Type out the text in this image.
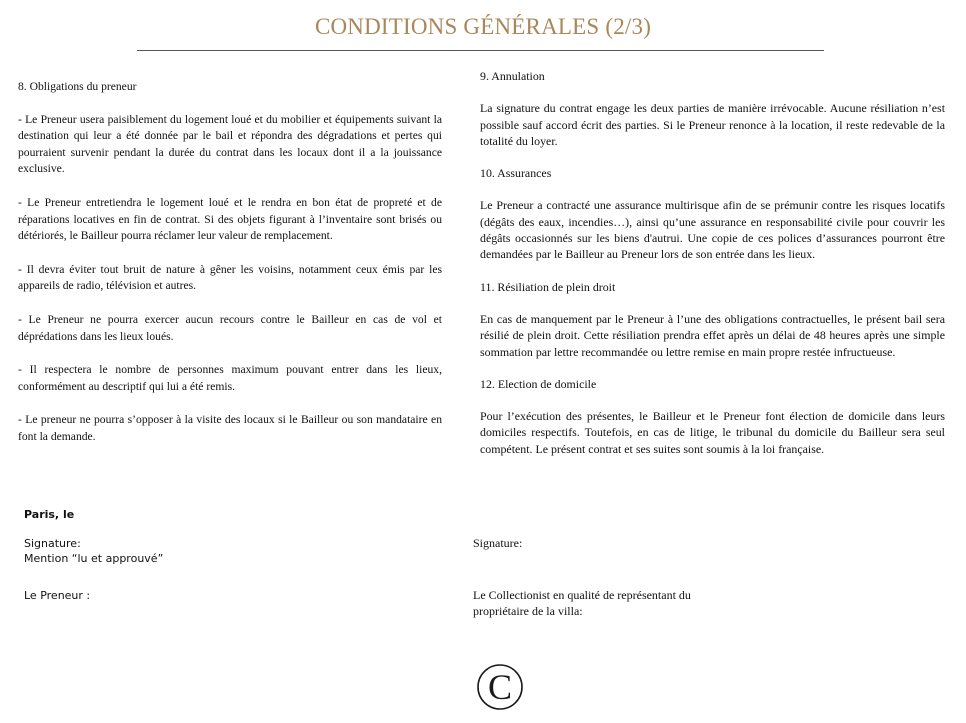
CONDITIONS GÉNÉRALES (2/3)

8. Obligations du preneur

- Le Preneur usera paisiblement du logement loué et du mobilier et équipements suivant la destination qui leur a été donnée par le bail et répondra des dégradations et pertes qui pourraient survenir pendant la durée du contrat dans les locaux dont il a la jouissance exclusive.

- Le Preneur entretiendra le logement loué et le rendra en bon état de propreté et de réparations locatives en fin de contrat. Si des objets figurant à l’inventaire sont brisés ou détériorés, le Bailleur pourra réclamer leur valeur de remplacement.

- Il devra éviter tout bruit de nature à gêner les voisins, notamment ceux émis par les appareils de radio, télévision et autres.

- Le Preneur ne pourra exercer aucun recours contre le Bailleur en cas de vol et déprédations dans les lieux loués.

- Il respectera le nombre de personnes maximum pouvant entrer dans les lieux, conformément au descriptif qui lui a été remis.

- Le preneur ne pourra s’opposer à la visite des locaux si le Bailleur ou son mandataire en font la demande.

9. Annulation

La signature du contrat engage les deux parties de manière irrévocable. Aucune résiliation n’est possible sauf accord écrit des parties. Si le Preneur renonce à la location, il reste redevable de la totalité du loyer.

10. Assurances

Le Preneur a contracté une assurance multirisque afin de se prémunir contre les risques locatifs (dégâts des eaux, incendies…), ainsi qu’une assurance en responsabilité civile pour couvrir les dégâts occasionnés sur les biens d'autrui. Une copie de ces polices d’assurances pourront être demandées par le Bailleur au Preneur lors de son entrée dans les lieux.

11. Résiliation de plein droit

En cas de manquement par le Preneur à l’une des obligations contractuelles, le présent bail sera résilié de plein droit. Cette résiliation prendra effet après un délai de 48 heures après une simple sommation par lettre recommandée ou lettre remise en main propre restée infructueuse.

12. Election de domicile

Pour l’exécution des présentes, le Bailleur et le Preneur font élection de domicile dans leurs domiciles respectifs. Toutefois, en cas de litige, le tribunal du domicile du Bailleur sera seul compétent. Le présent contrat et ses suites sont soumis à la loi française.

Paris, le
Signature:
Mention “lu et approuvé”
Le Preneur :
Signature:
Le Collectionist en qualité de représentant du
propriétaire de la villa:
C
